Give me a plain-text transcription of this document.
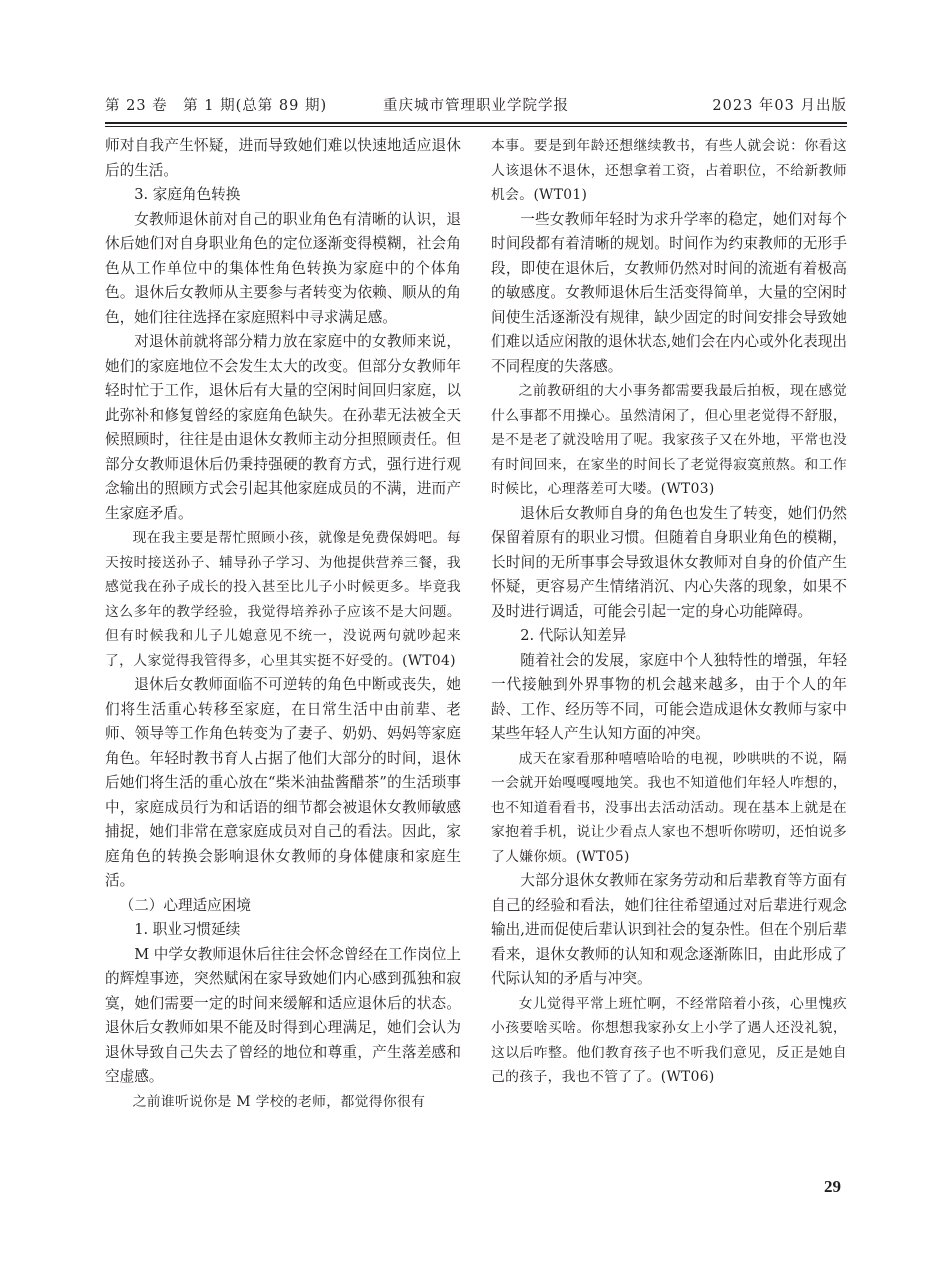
第 23 卷　第 1 期(总第 89 期)	重庆城市管理职业学院学报	2023 年03 月出版

师对自我产生怀疑，进而导致她们难以快速地适应退休后的生活。

3. 家庭角色转换

女教师退休前对自己的职业角色有清晰的认识，退休后她们对自身职业角色的定位逐渐变得模糊，社会角色从工作单位中的集体性角色转换为家庭中的个体角色。退休后女教师从主要参与者转变为依赖、顺从的角色，她们往往选择在家庭照料中寻求满足感。

对退休前就将部分精力放在家庭中的女教师来说，她们的家庭地位不会发生太大的改变。但部分女教师年轻时忙于工作，退休后有大量的空闲时间回归家庭，以此弥补和修复曾经的家庭角色缺失。在孙辈无法被全天候照顾时，往往是由退休女教师主动分担照顾责任。但部分女教师退休后仍秉持强硬的教育方式，强行进行观念输出的照顾方式会引起其他家庭成员的不满，进而产生家庭矛盾。

现在我主要是帮忙照顾小孩，就像是免费保姆吧。每天按时接送孙子、辅导孙子学习、为他提供营养三餐，我感觉我在孙子成长的投入甚至比儿子小时候更多。毕竟我这么多年的教学经验，我觉得培养孙子应该不是大问题。但有时候我和儿子儿媳意见不统一，没说两句就吵起来了，人家觉得我管得多，心里其实挺不好受的。(WT04)

退休后女教师面临不可逆转的角色中断或丧失，她们将生活重心转移至家庭，在日常生活中由前辈、老师、领导等工作角色转变为了妻子、奶奶、妈妈等家庭角色。年轻时教书育人占据了他们大部分的时间，退休后她们将生活的重心放在“柴米油盐酱醋茶”的生活琐事中，家庭成员行为和话语的细节都会被退休女教师敏感捕捉，她们非常在意家庭成员对自己的看法。因此，家庭角色的转换会影响退休女教师的身体健康和家庭生活。

（二）心理适应困境

1. 职业习惯延续

M 中学女教师退休后往往会怀念曾经在工作岗位上的辉煌事迹，突然赋闲在家导致她们内心感到孤独和寂寞，她们需要一定的时间来缓解和适应退休后的状态。退休后女教师如果不能及时得到心理满足，她们会认为退休导致自己失去了曾经的地位和尊重，产生落差感和空虚感。

之前谁听说你是 M 学校的老师，都觉得你很有

本事。要是到年龄还想继续教书，有些人就会说：你看这人该退休不退休，还想拿着工资，占着职位，不给新教师机会。(WT01)

一些女教师年轻时为求升学率的稳定，她们对每个时间段都有着清晰的规划。时间作为约束教师的无形手段，即使在退休后，女教师仍然对时间的流逝有着极高的敏感度。女教师退休后生活变得简单，大量的空闲时间使生活逐渐没有规律，缺少固定的时间安排会导致她们难以适应闲散的退休状态,她们会在内心或外化表现出不同程度的失落感。

之前教研组的大小事务都需要我最后拍板，现在感觉什么事都不用操心。虽然清闲了，但心里老觉得不舒服，是不是老了就没啥用了呢。我家孩子又在外地，平常也没有时间回来，在家坐的时间长了老觉得寂寞煎熬。和工作时候比，心理落差可大喽。(WT03)

退休后女教师自身的角色也发生了转变，她们仍然保留着原有的职业习惯。但随着自身职业角色的模糊，长时间的无所事事会导致退休女教师对自身的价值产生怀疑，更容易产生情绪消沉、内心失落的现象，如果不及时进行调适，可能会引起一定的身心功能障碍。

2. 代际认知差异

随着社会的发展，家庭中个人独特性的增强，年轻一代接触到外界事物的机会越来越多，由于个人的年龄、工作、经历等不同，可能会造成退休女教师与家中某些年轻人产生认知方面的冲突。

成天在家看那种嘻嘻哈哈的电视，吵哄哄的不说，隔一会就开始嘎嘎嘎地笑。我也不知道他们年轻人咋想的，也不知道看看书，没事出去活动活动。现在基本上就是在家抱着手机，说让少看点人家也不想听你唠叨，还怕说多了人嫌你烦。(WT05)

大部分退休女教师在家务劳动和后辈教育等方面有自己的经验和看法，她们往往希望通过对后辈进行观念输出,进而促使后辈认识到社会的复杂性。但在个别后辈看来，退休女教师的认知和观念逐渐陈旧，由此形成了代际认知的矛盾与冲突。

女儿觉得平常上班忙啊，不经常陪着小孩，心里愧疚小孩要啥买啥。你想想我家孙女上小学了遇人还没礼貌，这以后咋整。他们教育孩子也不听我们意见，反正是她自己的孩子，我也不管了了。(WT06)

29
